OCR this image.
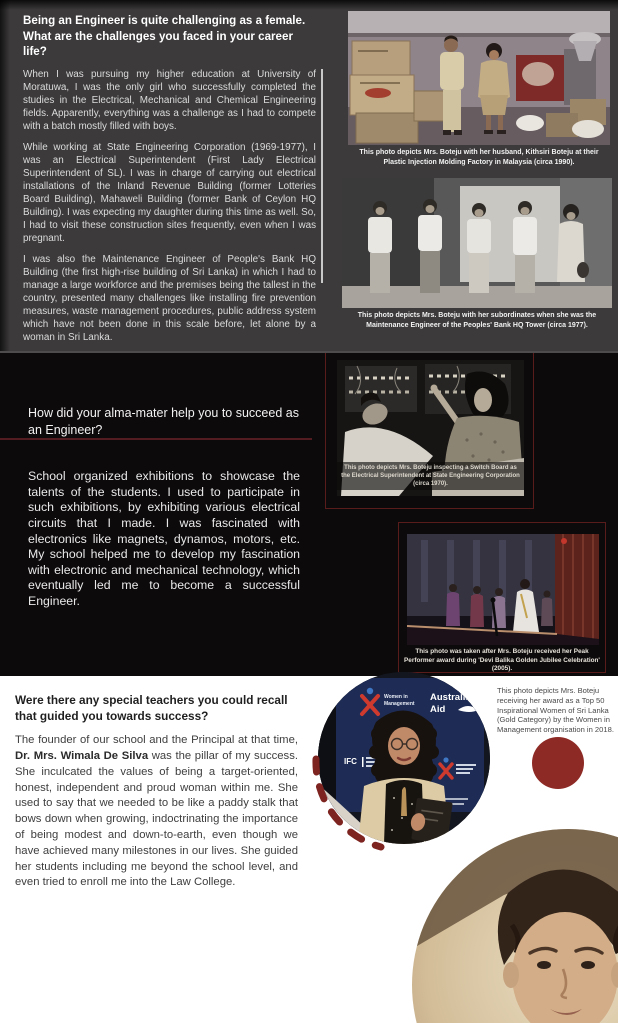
Being an Engineer is quite challenging as a female. What are the challenges you faced in your career life?

When I was pursuing my higher education at University of Moratuwa, I was the only girl who successfully completed the studies in the Electrical, Mechanical and Chemical Engineering fields. Apparently, everything was a challenge as I had to compete with a batch mostly filled with boys.

While working at State Engineering Corporation (1969-1977), I was an Electrical Superintendent (First Lady Electrical Superintendent of SL). I was in charge of carrying out electrical installations of the Inland Revenue Building (former Lotteries Board Building), Mahaweli Building (former Bank of Ceylon HQ Building). I was expecting my daughter during this time as well. So, I had to visit these construction sites frequently, even when I was pregnant.

I was also the Maintenance Engineer of People's Bank HQ Building (the first high-rise building of Sri Lanka) in which I had to manage a large workforce and the premises being the tallest in the country, presented many challenges like installing fire prevention measures, waste management procedures, public address system which have not been done in this scale before, let alone by a woman in Sri Lanka.

This photo depicts Mrs. Boteju with her husband, Kithsiri Boteju at their Plastic Injection Molding Factory in Malaysia (circa 1990).
This photo depicts Mrs. Boteju with her subordinates when she was the Maintenance Engineer of the Peoples' Bank HQ Tower (circa 1977).

How did your alma-mater help you to succeed as an Engineer?

School organized exhibitions to showcase the talents of the students. I used to participate in such exhibitions, by exhibiting various electrical circuits that I made. I was fascinated with electronics like magnets, dynamos, motors, etc. My school helped me to develop my fascination with electronic and mechanical technology, which eventually led me to become a successful Engineer.

This photo depicts Mrs. Boteju inspecting a Switch Board as the Electrical Superintendent at State Engineering Corporation (circa 1970).
This photo was taken after Mrs. Boteju received her Peak Performer award during 'Devi Balika Golden Jubilee Celebration' (2005).

Were there any special teachers you could recall that guided you towards success?

The founder of our school and the Principal at that time, Dr. Mrs. Wimala De Silva was the pillar of my success. She inculcated the values of being a target-oriented, honest, independent and proud woman within me. She used to say that we needed to be like a paddy stalk that bows down when growing, indoctrinating the importance of being modest and down-to-earth, even though we have achieved many milestones in our lives. She guided her students including me beyond the school level, and even tried to enroll me into the Law College.

Women in
Management
Australia
Aid
IFC
This photo depicts Mrs. Boteju receiving her award as a Top 50 Inspirational Women of Sri Lanka (Gold Category) by the Women in Management organisation in 2018.
